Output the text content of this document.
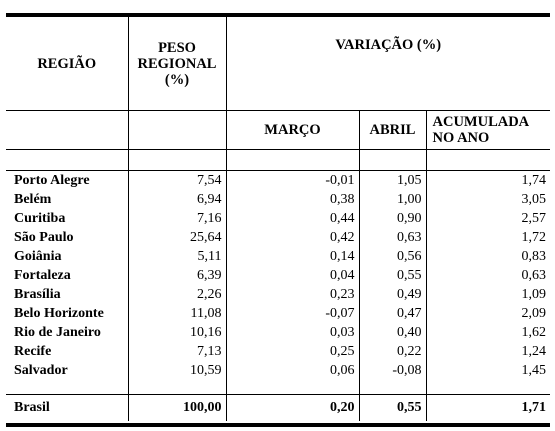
REGIÃO	PESO
REGIONAL
(%)	VARIAÇÃO (%)		
		MARÇO	ABRIL	ACUMULADA
NO ANO

Porto Alegre	7,54	-0,01	1,05	1,74
Belém	6,94	0,38	1,00	3,05
Curitiba	7,16	0,44	0,90	2,57
São Paulo	25,64	0,42	0,63	1,72
Goiânia	5,11	0,14	0,56	0,83
Fortaleza	6,39	0,04	0,55	0,63
Brasília	2,26	0,23	0,49	1,09
Belo Horizonte	11,08	-0,07	0,47	2,09
Rio de Janeiro	10,16	0,03	0,40	1,62
Recife	7,13	0,25	0,22	1,24
Salvador	10,59	0,06	-0,08	1,45

Brasil	100,00	0,20	0,55	1,71
